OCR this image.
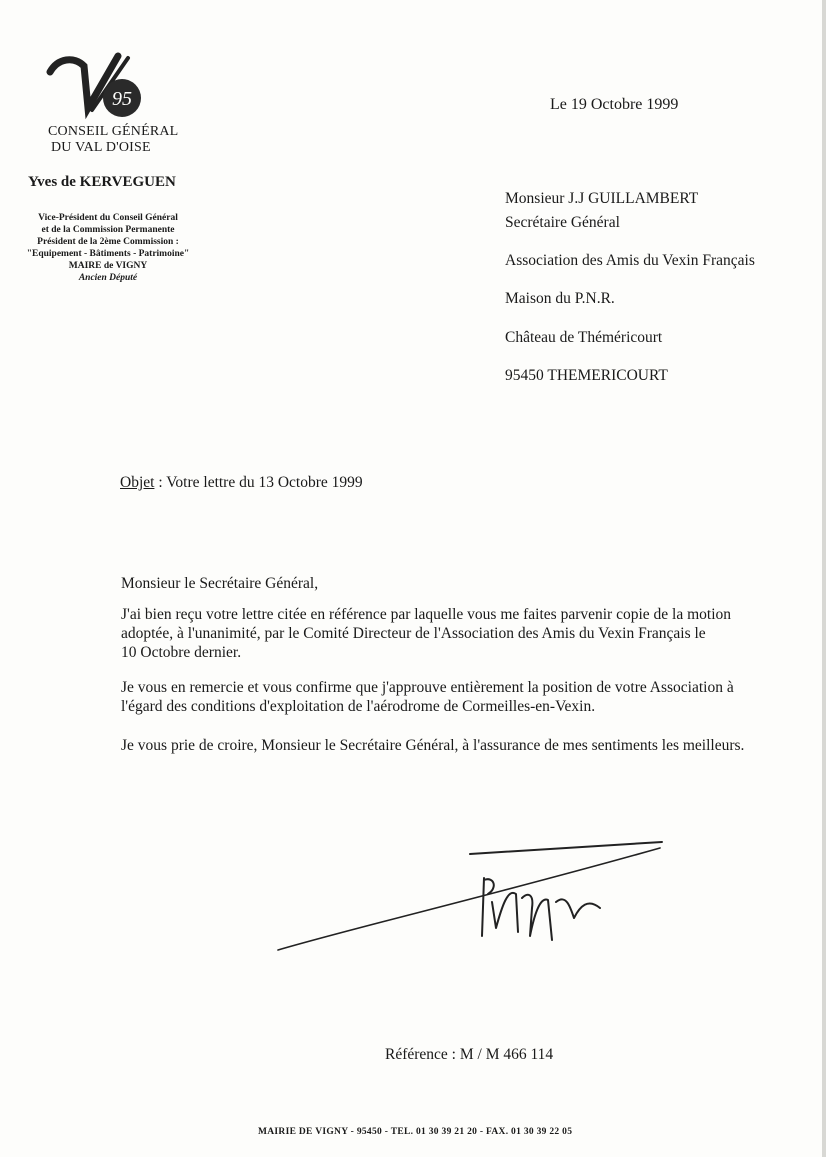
95
CONSEIL GÉNÉRAL
DU VAL D'OISE
Yves de KERVEGUEN
Vice-Président du Conseil Général
et de la Commission Permanente
Président de la 2ème Commission :
"Equipement - Bâtiments - Patrimoine"
MAIRE de VIGNY
Ancien Député
Le 19 Octobre 1999
Monsieur J.J GUILLAMBERT
Secrétaire Général
Association des Amis du Vexin Français
Maison du P.N.R.
Château de Théméricourt
95450 THEMERICOURT
Objet : Votre lettre du 13 Octobre 1999
Monsieur le Secrétaire Général,
J'ai bien reçu votre lettre citée en référence par laquelle vous me faites parvenir copie de la motion
adoptée, à l'unanimité, par le Comité Directeur de l'Association des Amis du Vexin Français le
10 Octobre dernier.
Je vous en remercie et vous confirme que j'approuve entièrement la position de votre Association à
l'égard des conditions d'exploitation de l'aérodrome de Cormeilles-en-Vexin.
Je vous prie de croire, Monsieur le Secrétaire Général, à l'assurance de mes sentiments les meilleurs.
Référence : M / M 466 114
MAIRIE DE VIGNY - 95450 - TEL. 01 30 39 21 20 - FAX. 01 30 39 22 05
